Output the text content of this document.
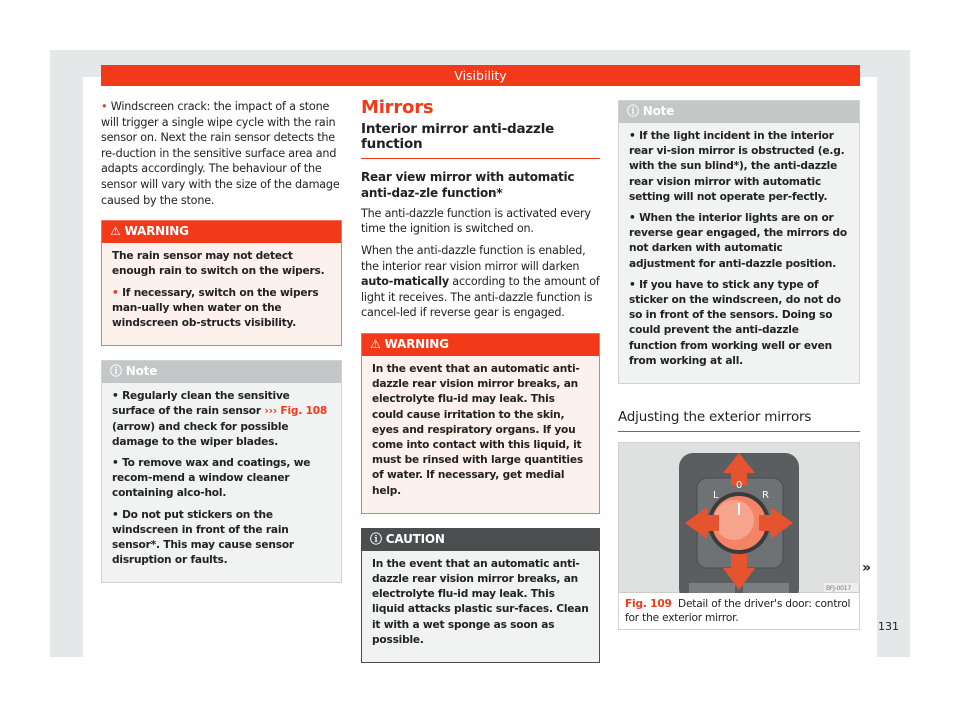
Visibility

• Windscreen crack: the impact of a stone will trigger a single wipe cycle with the rain sensor on. Next the rain sensor detects the re-duction in the sensitive surface area and adapts accordingly. The behaviour of the sensor will vary with the size of the damage caused by the stone.

⚠ WARNING

The rain sensor may not detect enough rain to switch on the wipers.

• If necessary, switch on the wipers man-ually when water on the windscreen ob-structs visibility.

ⓘ Note

• Regularly clean the sensitive surface of the rain sensor ››› Fig. 108 (arrow) and check for possible damage to the wiper blades.

• To remove wax and coatings, we recom-mend a window cleaner containing alco-hol.

• Do not put stickers on the windscreen in front of the rain sensor*. This may cause sensor disruption or faults.

Mirrors
Interior mirror anti-dazzle function
Rear view mirror with automatic anti-daz-zle function*

The anti-dazzle function is activated every time the ignition is switched on.

When the anti-dazzle function is enabled, the interior rear vision mirror will darken auto-matically according to the amount of light it receives. The anti-dazzle function is cancel-led if reverse gear is engaged.

⚠ WARNING

In the event that an automatic anti-dazzle rear vision mirror breaks, an electrolyte flu-id may leak. This could cause irritation to the skin, eyes and respiratory organs. If you come into contact with this liquid, it must be rinsed with large quantities of water. If necessary, get medial help.

ⓘ CAUTION

In the event that an automatic anti-dazzle rear vision mirror breaks, an electrolyte flu-id may leak. This liquid attacks plastic sur-faces. Clean it with a wet sponge as soon as possible.

ⓘ Note

• If the light incident in the interior rear vi-sion mirror is obstructed (e.g. with the sun blind*), the anti-dazzle rear vision mirror with automatic setting will not operate per-fectly.

• When the interior lights are on or reverse gear engaged, the mirrors do not darken with automatic adjustment for anti-dazzle position.

• If you have to stick any type of sticker on the windscreen, do not do so in front of the sensors. Doing so could prevent the anti-dazzle function from working well or even from working at all.

Adjusting the exterior mirrors
L
0
R
BFJ-0017
Fig. 109 Detail of the driver's door: control for the exterior mirror.
»
131
